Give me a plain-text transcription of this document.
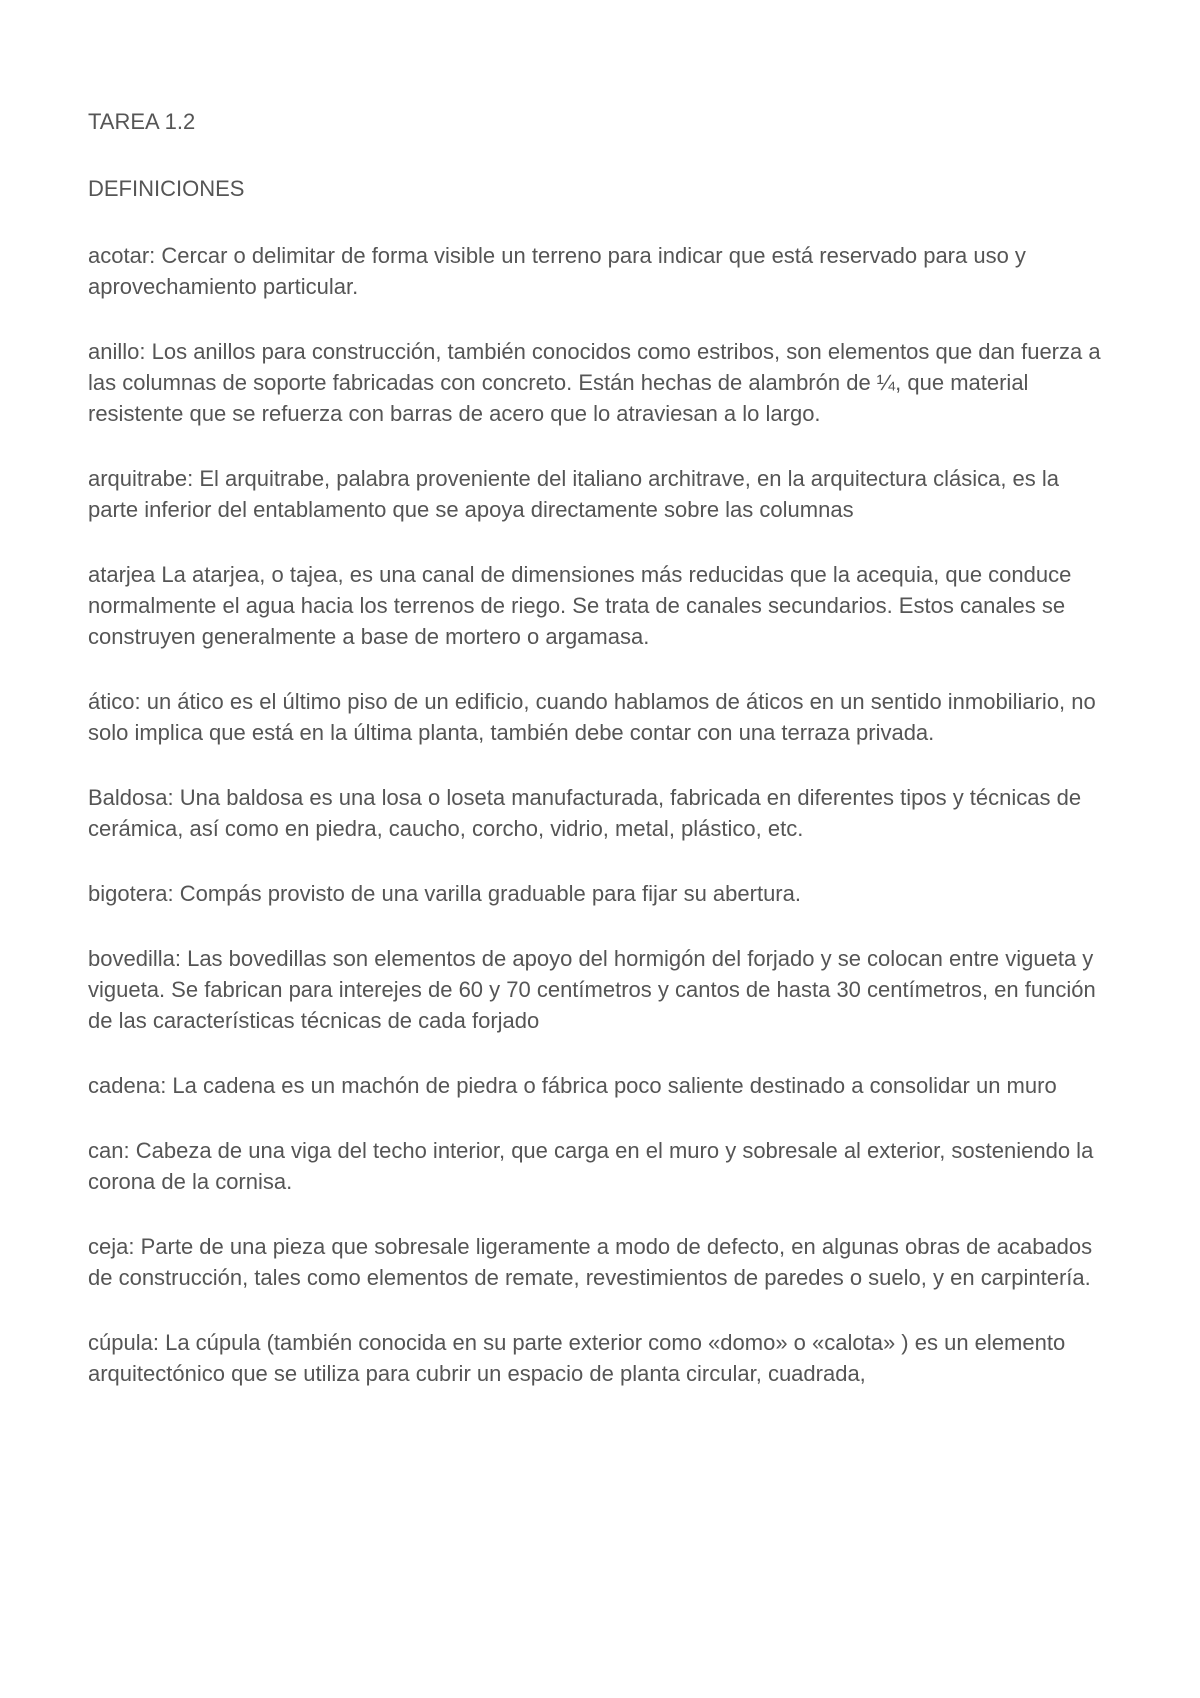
TAREA 1.2

DEFINICIONES

acotar: Cercar o delimitar de forma visible un terreno para indicar que está reservado para uso y aprovechamiento particular.

anillo: Los anillos para construcción, también conocidos como estribos, son elementos que dan fuerza a las columnas de soporte fabricadas con concreto. Están hechas de alambrón de ¼, que material resistente que se refuerza con barras de acero que lo atraviesan a lo largo.

arquitrabe: El arquitrabe, palabra proveniente del italiano architrave, en la arquitectura clásica, es la parte inferior del entablamento que se apoya directamente sobre las columnas

atarjea La atarjea, o tajea, es una canal de dimensiones más reducidas que la acequia, que conduce normalmente el agua hacia los terrenos de riego. Se trata de canales secundarios. Estos canales se construyen generalmente a base de mortero o argamasa.

ático: un ático es el último piso de un edificio, cuando hablamos de áticos en un sentido inmobiliario, no solo implica que está en la última planta, también debe contar con una terraza privada.

Baldosa: Una baldosa es una losa o loseta manufacturada, fabricada en diferentes tipos y técnicas de cerámica, así como en piedra, caucho, corcho, vidrio, metal, plástico, etc.

bigotera: Compás provisto de una varilla graduable para fijar su abertura.

bovedilla: Las bovedillas son elementos de apoyo del hormigón del forjado y se colocan entre vigueta y vigueta. Se fabrican para interejes de 60 y 70 centímetros y cantos de hasta 30 centímetros, en función de las características técnicas de cada forjado

cadena: La cadena es un machón de piedra o fábrica poco saliente destinado a consolidar un muro

can: Cabeza de una viga del techo interior, que carga en el muro y sobresale al exterior, sosteniendo la corona de la cornisa.

ceja: Parte de una pieza que sobresale ligeramente a modo de defecto, en algunas obras de acabados de construcción, tales como elementos de remate, revestimientos de paredes o suelo, y en carpintería.

cúpula: La cúpula (también conocida en su parte exterior como «domo» o «calota» ) es un elemento arquitectónico que se utiliza para cubrir un espacio de planta circular, cuadrada,
